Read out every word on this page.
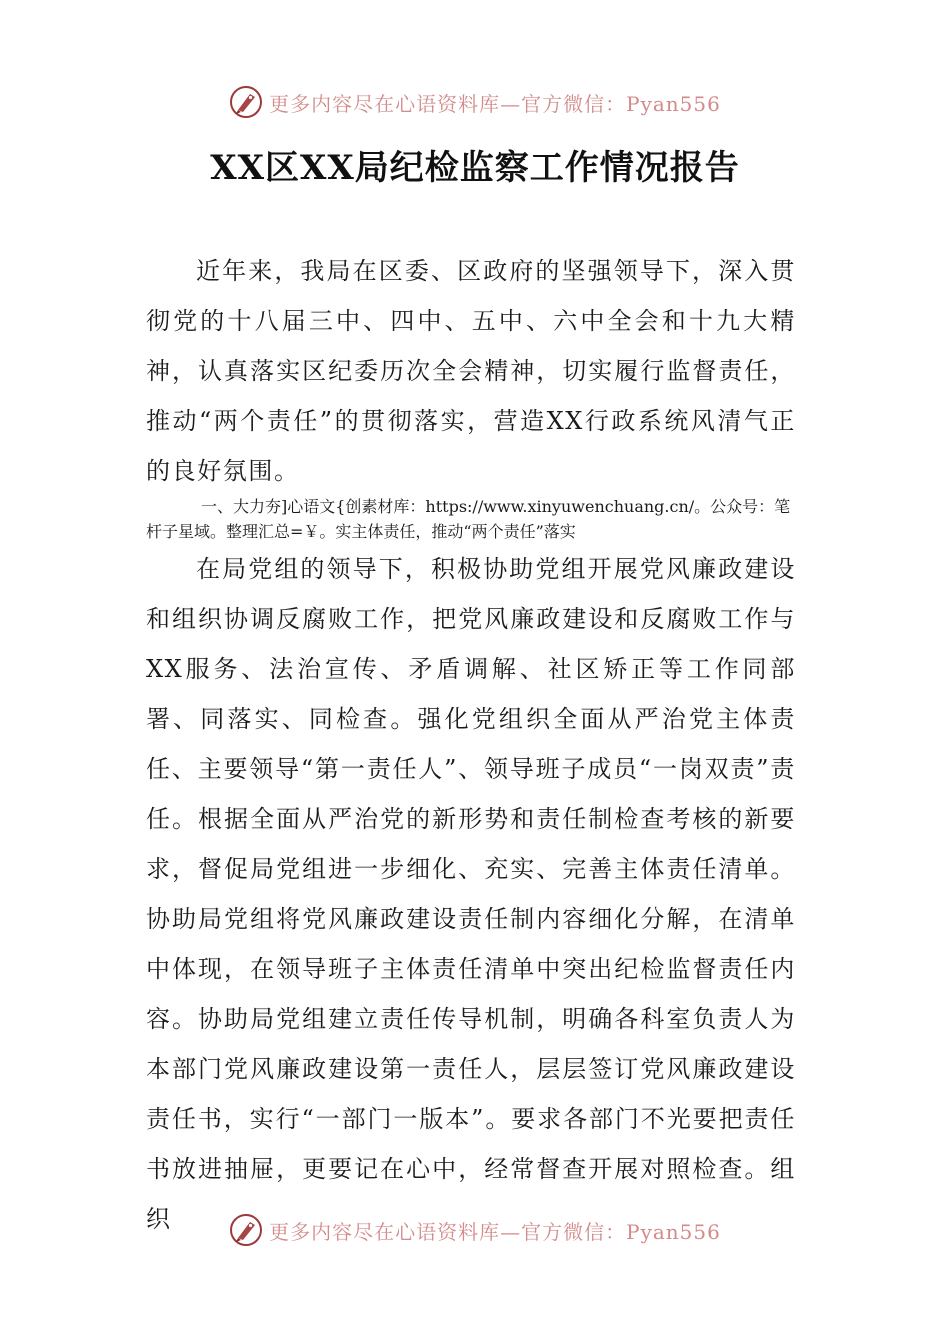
更多内容尽在心语资料库—官方微信：Pyan556
XX区XX局纪检监察工作情况报告

近年来，我局在区委、区政府的坚强领导下，深入贯彻党的十八届三中、四中、五中、六中全会和十九大精神，认真落实区纪委历次全会精神，切实履行监督责任，推动“两个责任”的贯彻落实，营造XX行政系统风清气正的良好氛围。

一、大力夯]心语文{创素材库：https://www.xinyuwenchuang.cn/。公众号：笔杆子星域。整理汇总=￥。实主体责任，推动“两个责任”落实

在局党组的领导下，积极协助党组开展党风廉政建设和组织协调反腐败工作，把党风廉政建设和反腐败工作与XX服务、法治宣传、矛盾调解、社区矫正等工作同部署、同落实、同检查。强化党组织全面从严治党主体责任、主要领导“第一责任人”、领导班子成员“一岗双责”责任。根据全面从严治党的新形势和责任制检查考核的新要求，督促局党组进一步细化、充实、完善主体责任清单。协助局党组将党风廉政建设责任制内容细化分解，在清单中体现，在领导班子主体责任清单中突出纪检监督责任内容。协助局党组建立责任传导机制，明确各科室负责人为本部门党风廉政建设第一责任人，层层签订党风廉政建设责任书，实行“一部门一版本”。要求各部门不光要把责任书放进抽屉，更要记在心中，经常督查开展对照检查。组织	更多内容尽在心语资料库—官方微信：Pyan556
